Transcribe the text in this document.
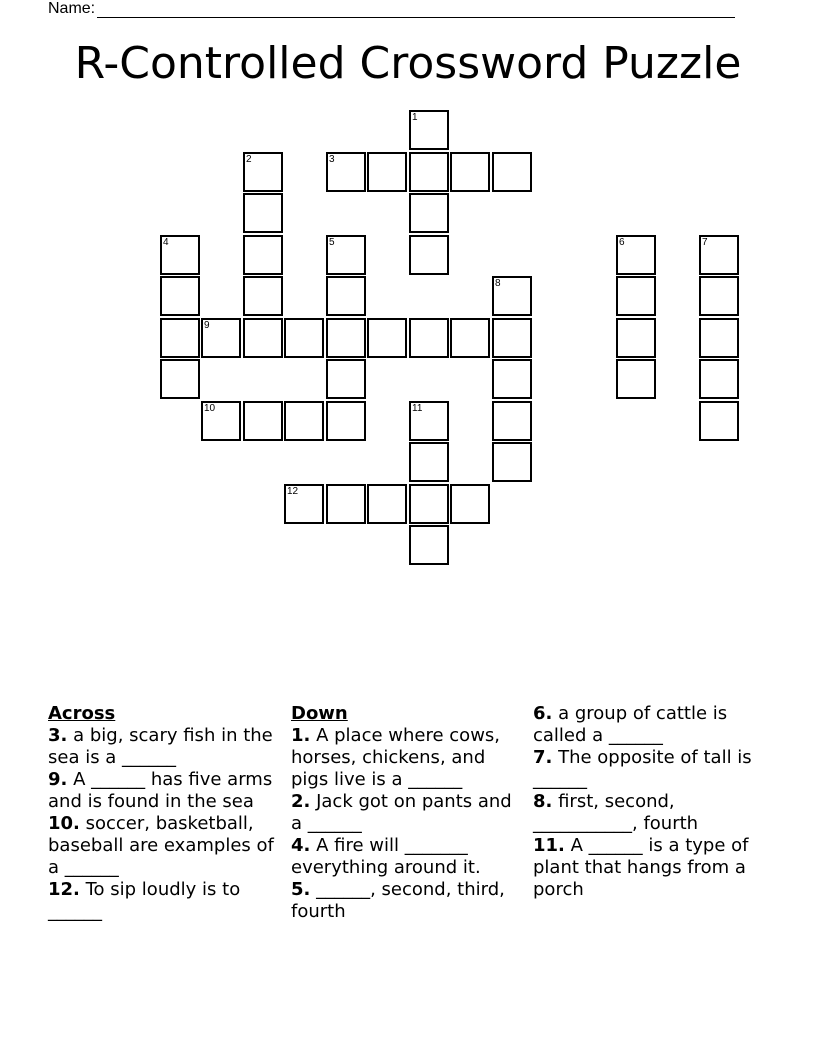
Name:
R-Controlled Crossword Puzzle
1
2	3
4	5	6	7
8
9
10	11
12
Across
3. a big, scary fish in the sea is a ______
9. A ______ has five arms and is found in the sea
10. soccer, basketball, baseball are examples of a ______
12. To sip loudly is to ______
Down
1. A place where cows, horses, chickens, and pigs live is a ______
2. Jack got on pants and a ______
4. A fire will _______ everything around it.
5. ______, second, third, fourth
6. a group of cattle is called a ______
7. The opposite of tall is ______
8. first, second, ___________, fourth
11. A ______ is a type of plant that hangs from a porch
